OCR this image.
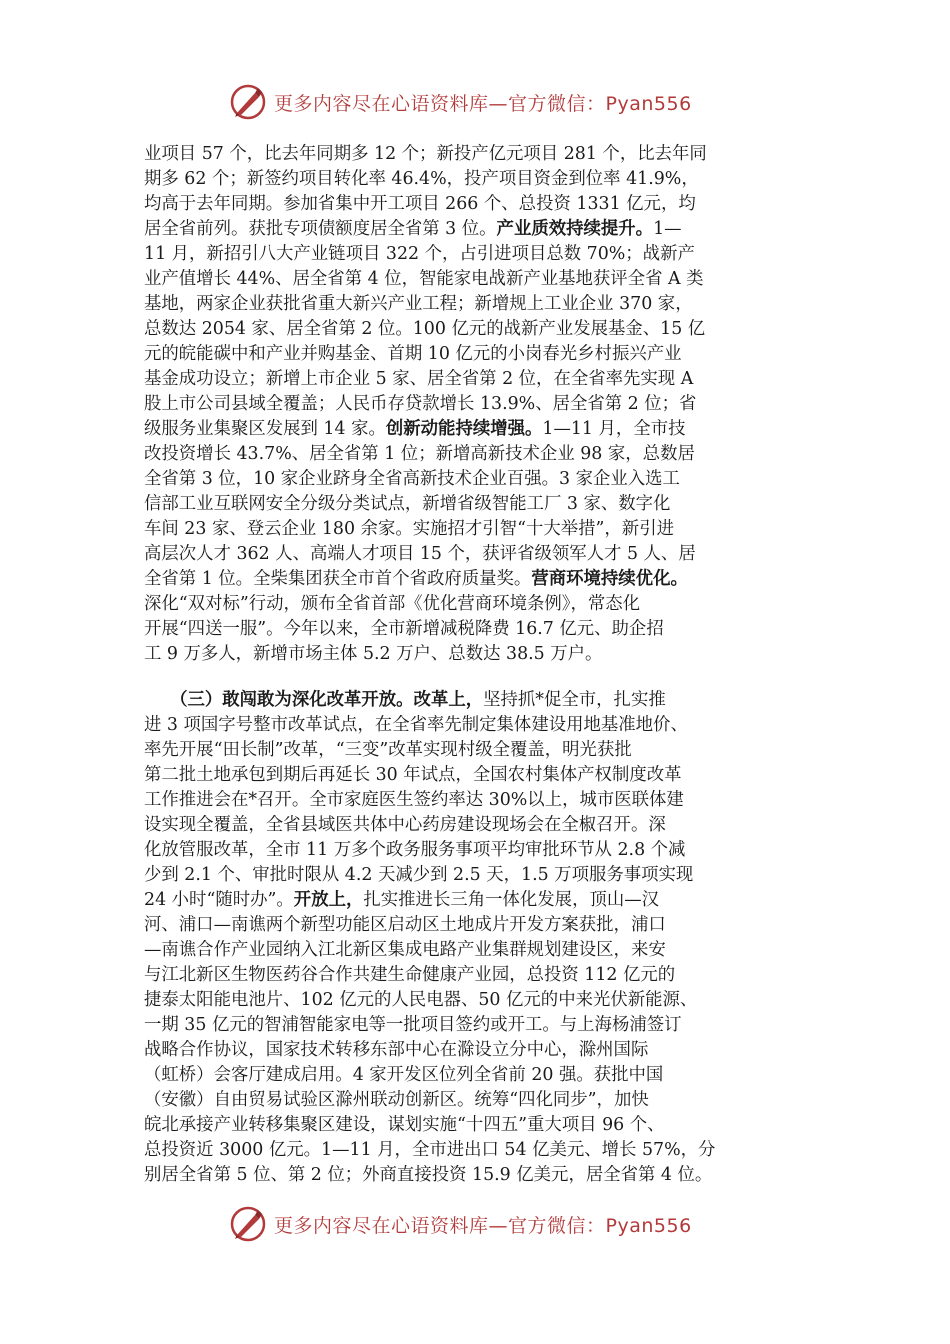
更多内容尽在心语资料库—官方微信：Pyan556
业项目 57 个，比去年同期多 12 个；新投产亿元项目 281 个，比去年同
期多 62 个；新签约项目转化率 46.4%，投产项目资金到位率 41.9%，
均高于去年同期。参加省集中开工项目 266 个、总投资 1331 亿元，均
居全省前列。获批专项债额度居全省第 3 位。产业质效持续提升。1—
11 月，新招引八大产业链项目 322 个，占引进项目总数 70%；战新产
业产值增长 44%、居全省第 4 位，智能家电战新产业基地获评全省 A 类
基地，两家企业获批省重大新兴产业工程；新增规上工业企业 370 家，
总数达 2054 家、居全省第 2 位。100 亿元的战新产业发展基金、15 亿
元的皖能碳中和产业并购基金、首期 10 亿元的小岗春光乡村振兴产业
基金成功设立；新增上市企业 5 家、居全省第 2 位，在全省率先实现 A
股上市公司县域全覆盖；人民币存贷款增长 13.9%、居全省第 2 位；省
级服务业集聚区发展到 14 家。创新动能持续增强。1—11 月，全市技
改投资增长 43.7%、居全省第 1 位；新增高新技术企业 98 家，总数居
全省第 3 位，10 家企业跻身全省高新技术企业百强。3 家企业入选工
信部工业互联网安全分级分类试点，新增省级智能工厂 3 家、数字化
车间 23 家、登云企业 180 余家。实施招才引智“十大举措”，新引进
高层次人才 362 人、高端人才项目 15 个，获评省级领军人才 5 人、居
全省第 1 位。全柴集团获全市首个省政府质量奖。营商环境持续优化。
深化“双对标”行动，颁布全省首部《优化营商环境条例》，常态化
开展“四送一服”。今年以来，全市新增减税降费 16.7 亿元、助企招
工 9 万多人，新增市场主体 5.2 万户、总数达 38.5 万户。
　　（三）敢闯敢为深化改革开放。改革上，坚持抓*促全市，扎实推
进 3 项国字号整市改革试点，在全省率先制定集体建设用地基准地价、
率先开展“田长制”改革，“三变”改革实现村级全覆盖，明光获批
第二批土地承包到期后再延长 30 年试点，全国农村集体产权制度改革
工作推进会在*召开。全市家庭医生签约率达 30%以上，城市医联体建
设实现全覆盖，全省县域医共体中心药房建设现场会在全椒召开。深
化放管服改革，全市 11 万多个政务服务事项平均审批环节从 2.8 个减
少到 2.1 个、审批时限从 4.2 天减少到 2.5 天，1.5 万项服务事项实现
24 小时“随时办”。开放上，扎实推进长三角一体化发展，顶山—汉
河、浦口—南谯两个新型功能区启动区土地成片开发方案获批，浦口
—南谯合作产业园纳入江北新区集成电路产业集群规划建设区，来安
与江北新区生物医药谷合作共建生命健康产业园，总投资 112 亿元的
捷泰太阳能电池片、102 亿元的人民电器、50 亿元的中来光伏新能源、
一期 35 亿元的智浦智能家电等一批项目签约或开工。与上海杨浦签订
战略合作协议，国家技术转移东部中心在滁设立分中心，滁州国际
（虹桥）会客厅建成启用。4 家开发区位列全省前 20 强。获批中国
（安徽）自由贸易试验区滁州联动创新区。统筹“四化同步”，加快
皖北承接产业转移集聚区建设，谋划实施“十四五”重大项目 96 个、
总投资近 3000 亿元。1—11 月，全市进出口 54 亿美元、增长 57%，分
别居全省第 5 位、第 2 位；外商直接投资 15.9 亿美元，居全省第 4 位。
更多内容尽在心语资料库—官方微信：Pyan556
